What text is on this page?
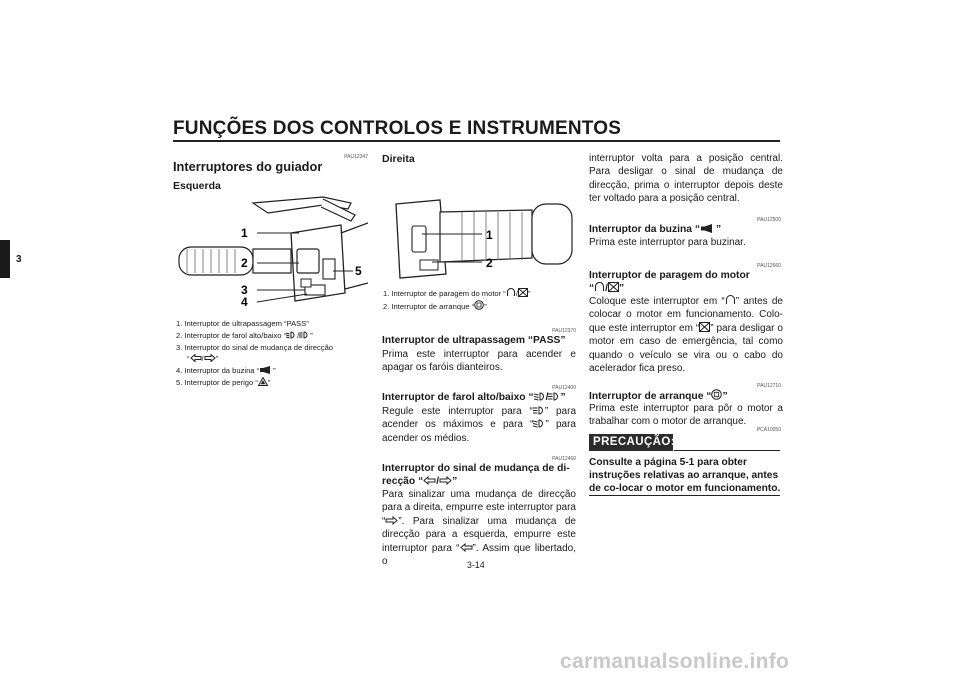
FUNÇÕES DOS CONTROLOS E INSTRUMENTOS
3
PAU12347
Interruptores do guiador
Esquerda
1
2
3
4
5
1. Interruptor de ultrapassagem “PASS”
2. Interruptor de farol alto/baixo “ / ”
3. Interruptor do sinal de mudança de direcção
“ / ”
4. Interruptor da buzina “ ”
5. Interruptor de perigo “ ”
Direita
1
2
1. Interruptor de paragem do motor “ / ”
2. Interruptor de arranque “ ”
PAU12370
Interruptor de ultrapassagem “PASS”
Prima este interruptor para acender e apagar os faróis dianteiros.
PAU12400
Interruptor de farol alto/baixo “ / ”
Regule este interruptor para “ ” para acender os máximos e para “ ” para acender os médios.
PAU12460
Interruptor do sinal de mudança de di-
recção “ / ”
Para sinalizar uma mudança de direcção para a direita, empurre este interruptor para “ ”. Para sinalizar uma mudança de direcção para a esquerda, empurre este interruptor para “ ”. Assim que libertado, o	3-14
interruptor volta para a posição central. Para desligar o sinal de mudança de direcção, prima o interruptor depois deste ter voltado para a posição central.
PAU12500
Interruptor da buzina “ ”
Prima este interruptor para buzinar.
PAU12660
Interruptor de paragem do motor
“ / ”
Coloque este interruptor em “ ” antes de colocar o motor em funcionamento. Colo-que este interruptor em “ ” para desligar o motor em caso de emergência, tal como quando o veículo se vira ou o cabo do acelerador fica preso.
PAU12710
Interruptor de arranque “ ”
Prima este interruptor para pôr o motor a trabalhar com o motor de arranque.
PCA10050
PRECAUÇÃO:
Consulte a página 5-1 para obter instruções relativas ao arranque, antes de co-locar o motor em funcionamento.
carmanualsonline.info
